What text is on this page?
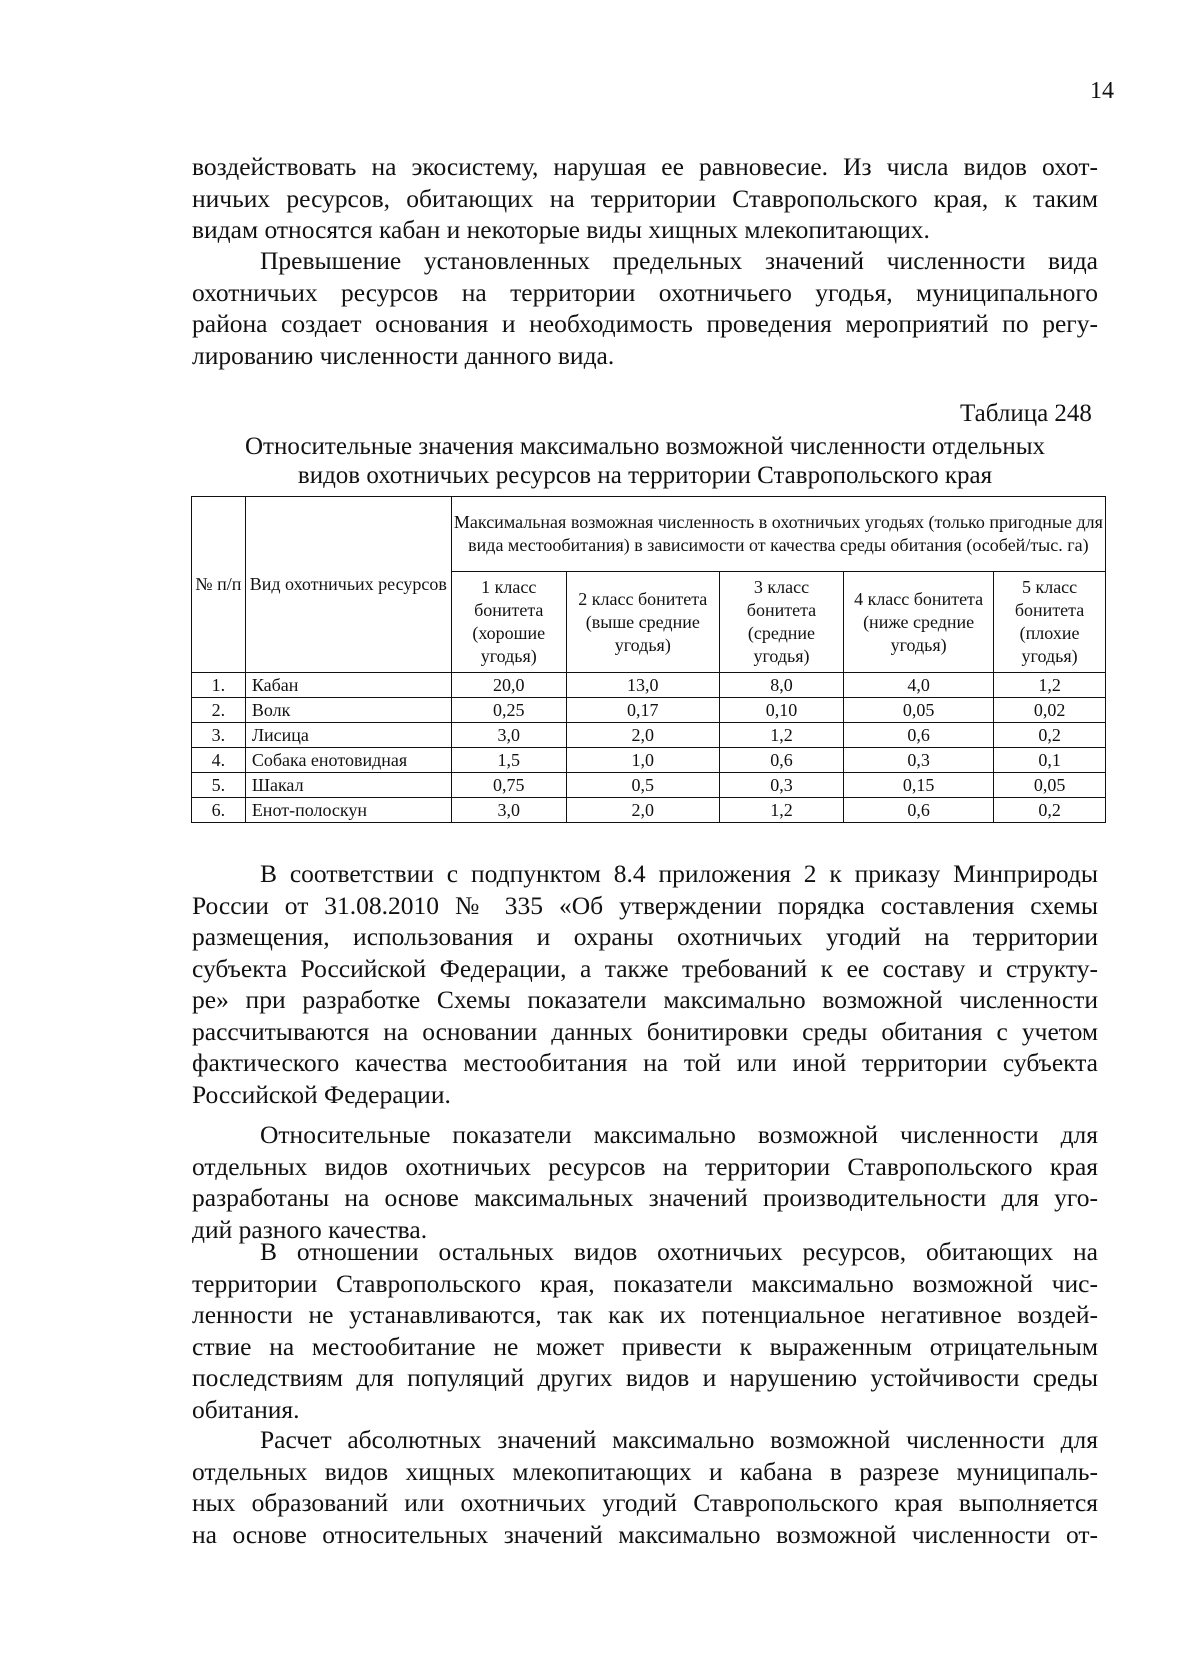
14

воздействовать на экосистему, нарушая ее равновесие. Из числа видов охот-
ничьих ресурсов, обитающих на территории Ставропольского края, к таким
видам относятся кабан и некоторые виды хищных млекопитающих.

Превышение установленных предельных значений численности вида
охотничьих ресурсов на территории охотничьего угодья, муниципального
района создает основания и необходимость проведения мероприятий по регу-
лированию численности данного вида.

Таблица 248
Относительные значения максимально возможной численности отдельных
видов охотничьих ресурсов на территории Ставропольского края
№ п/п	Вид охотничьих ресурсов	Максимальная возможная численность в охотничьих угодьях (только пригодные для вида местообитания) в зависимости от качества среды обитания (особей/тыс. га)				
		1 класс бонитета (хорошие угодья)	2 класс бонитета (выше средние угодья)	3 класс бонитета (средние угодья)	4 класс бонитета (ниже средние угодья)	5 класс бонитета (плохие угодья)
1.	Кабан	20,0	13,0	8,0	4,0	1,2
2.	Волк	0,25	0,17	0,10	0,05	0,02
3.	Лисица	3,0	2,0	1,2	0,6	0,2
4.	Собака енотовидная	1,5	1,0	0,6	0,3	0,1
5.	Шакал	0,75	0,5	0,3	0,15	0,05
6.	Енот-полоскун	3,0	2,0	1,2	0,6	0,2

В соответствии с подпунктом 8.4 приложения 2 к приказу Минприроды
России от 31.08.2010 № 335 «Об утверждении порядка составления схемы
размещения, использования и охраны охотничьих угодий на территории
субъекта Российской Федерации, а также требований к ее составу и структу-
ре» при разработке Схемы показатели максимально возможной численности
рассчитываются на основании данных бонитировки среды обитания с учетом
фактического качества местообитания на той или иной территории субъекта
Российской Федерации.

Относительные показатели максимально возможной численности для
отдельных видов охотничьих ресурсов на территории Ставропольского края
разработаны на основе максимальных значений производительности для уго-
дий разного качества.

В отношении остальных видов охотничьих ресурсов, обитающих на
территории Ставропольского края, показатели максимально возможной чис-
ленности не устанавливаются, так как их потенциальное негативное воздей-
ствие на местообитание не может привести к выраженным отрицательным
последствиям для популяций других видов и нарушению устойчивости среды
обитания.

Расчет абсолютных значений максимально возможной численности для
отдельных видов хищных млекопитающих и кабана в разрезе муниципаль-
ных образований или охотничьих угодий Ставропольского края выполняется
на основе относительных значений максимально возможной численности от-
